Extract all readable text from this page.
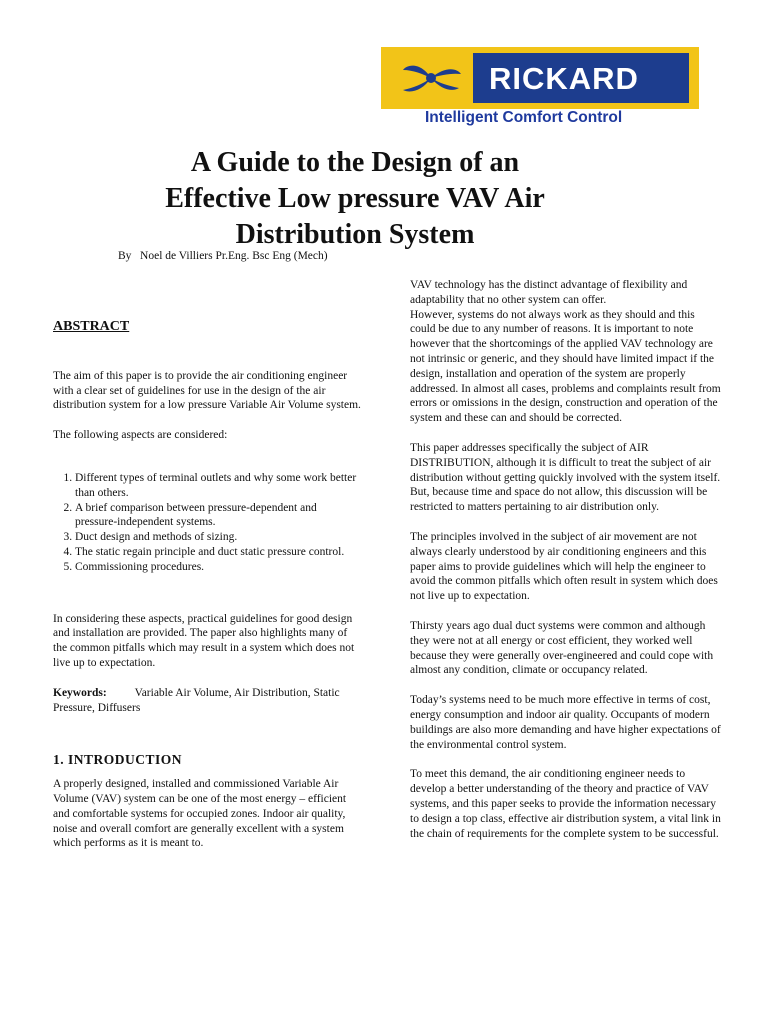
RICKARD
Intelligent Comfort Control
A Guide to the Design of an
Effective Low pressure VAV Air
Distribution System
By   Noel de Villiers Pr.Eng. Bsc Eng (Mech)
ABSTRACT

The aim of this paper is to provide the air conditioning engineer with a clear set of guidelines for use in the design of the air distribution system for a low pressure Variable Air Volume system.

The following aspects are considered:

1. Different types of terminal outlets and why some work better than others.
2. A brief comparison between pressure-dependent and pressure-independent systems.
3. Duct design and methods of sizing.
4. The static regain principle and duct static pressure control.
5. Commissioning procedures.

In considering these aspects, practical guidelines for good design and installation are provided. The paper also highlights many of the common pitfalls which may result in a system which does not live up to expectation.

Keywords: Variable Air Volume, Air Distribution, Static Pressure, Diffusers

1. INTRODUCTION

A properly designed, installed and commissioned Variable Air Volume (VAV) system can be one of the most energy – efficient and comfortable systems for occupied zones. Indoor air quality, noise and overall comfort are generally excellent with a system which performs as it is meant to.

VAV technology has the distinct advantage of flexibility and adaptability that no other system can offer.

However, systems do not always work as they should and this could be due to any number of reasons. It is important to note however that the shortcomings of the applied VAV technology are not intrinsic or generic, and they should have limited impact if the design, installation and operation of the system are properly addressed. In almost all cases, problems and complaints result from errors or omissions in the design, construction and operation of the system and these can and should be corrected.

This paper addresses specifically the subject of AIR DISTRIBUTION, although it is difficult to treat the subject of air distribution without getting quickly involved with the system itself. But, because time and space do not allow, this discussion will be restricted to matters pertaining to air distribution only.

The principles involved in the subject of air movement are not always clearly understood by air conditioning engineers and this paper aims to provide guidelines which will help the engineer to avoid the common pitfalls which often result in system which does not live up to expectation.

Thirsty years ago dual duct systems were common and although they were not at all energy or cost efficient, they worked well because they were generally over-engineered and could cope with almost any condition, climate or occupancy related.

Today’s systems need to be much more effective in terms of cost, energy consumption and indoor air quality. Occupants of modern buildings are also more demanding and have higher expectations of the environmental control system.

To meet this demand, the air conditioning engineer needs to develop a better understanding of the theory and practice of VAV systems, and this paper seeks to provide the information necessary to design a top class, effective air distribution system, a vital link in the chain of requirements for the complete system to be successful.
